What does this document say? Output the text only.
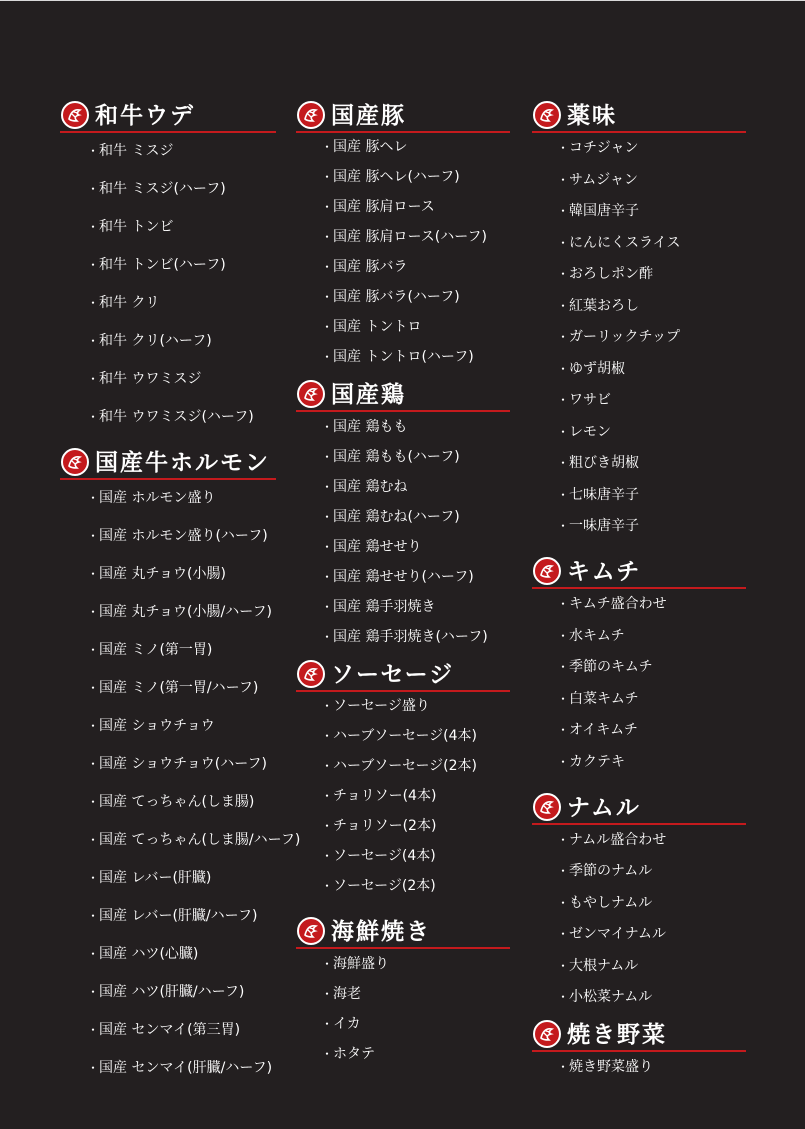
和牛ウデ
・ 和牛 ミスジ
・ 和牛 ミスジ(ハーフ)
・ 和牛 トンビ
・ 和牛 トンビ(ハーフ)
・ 和牛 クリ
・ 和牛 クリ(ハーフ)
・ 和牛 ウワミスジ
・ 和牛 ウワミスジ(ハーフ)
国産牛ホルモン
・ 国産 ホルモン盛り
・ 国産 ホルモン盛り(ハーフ)
・ 国産 丸チョウ(小腸)
・ 国産 丸チョウ(小腸/ハーフ)
・ 国産 ミノ(第一胃)
・ 国産 ミノ(第一胃/ハーフ)
・ 国産 ショウチョウ
・ 国産 ショウチョウ(ハーフ)
・ 国産 てっちゃん(しま腸)
・ 国産 てっちゃん(しま腸/ハーフ)
・ 国産 レバー(肝臓)
・ 国産 レバー(肝臓/ハーフ)
・ 国産 ハツ(心臓)
・ 国産 ハツ(肝臓/ハーフ)
・ 国産 センマイ(第三胃)
・ 国産 センマイ(肝臓/ハーフ)
国産豚
・ 国産 豚ヘレ
・ 国産 豚ヘレ(ハーフ)
・ 国産 豚肩ロース
・ 国産 豚肩ロース(ハーフ)
・ 国産 豚バラ
・ 国産 豚バラ(ハーフ)
・ 国産 トントロ
・ 国産 トントロ(ハーフ)
国産鶏
・ 国産 鶏もも
・ 国産 鶏もも(ハーフ)
・ 国産 鶏むね
・ 国産 鶏むね(ハーフ)
・ 国産 鶏せせり
・ 国産 鶏せせり(ハーフ)
・ 国産 鶏手羽焼き
・ 国産 鶏手羽焼き(ハーフ)
ソーセージ
・ ソーセージ盛り
・ ハーブソーセージ(4本)
・ ハーブソーセージ(2本)
・ チョリソー(4本)
・ チョリソー(2本)
・ ソーセージ(4本)
・ ソーセージ(2本)
海鮮焼き
・ 海鮮盛り
・ 海老
・ イカ
・ ホタテ
薬味
・ コチジャン
・ サムジャン
・ 韓国唐辛子
・ にんにくスライス
・ おろしポン酢
・ 紅葉おろし
・ ガーリックチップ
・ ゆず胡椒
・ ワサビ
・ レモン
・ 粗びき胡椒
・ 七味唐辛子
・ 一味唐辛子
キムチ
・ キムチ盛合わせ
・ 水キムチ
・ 季節のキムチ
・ 白菜キムチ
・ オイキムチ
・ カクテキ
ナムル
・ ナムル盛合わせ
・ 季節のナムル
・ もやしナムル
・ ゼンマイナムル
・ 大根ナムル
・ 小松菜ナムル
焼き野菜
・ 焼き野菜盛り
